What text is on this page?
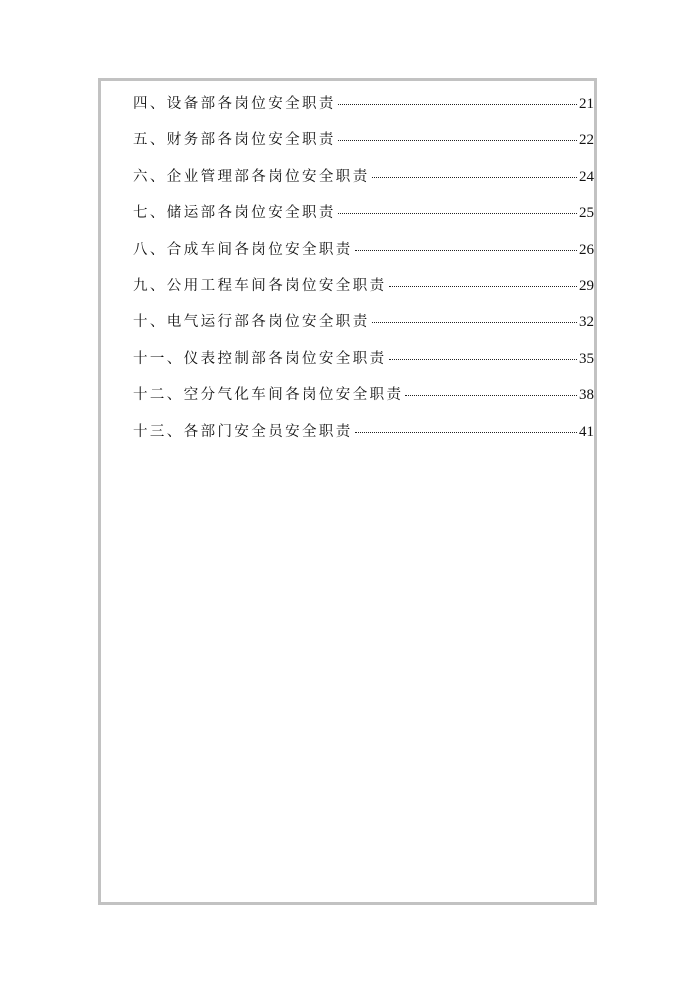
四、设备部各岗位安全职责	21
五、财务部各岗位安全职责	22
六、企业管理部各岗位安全职责	24
七、储运部各岗位安全职责	25
八、合成车间各岗位安全职责	26
九、公用工程车间各岗位安全职责	29
十、电气运行部各岗位安全职责	32
十一、仪表控制部各岗位安全职责	35
十二、空分气化车间各岗位安全职责	38
十三、各部门安全员安全职责	41
